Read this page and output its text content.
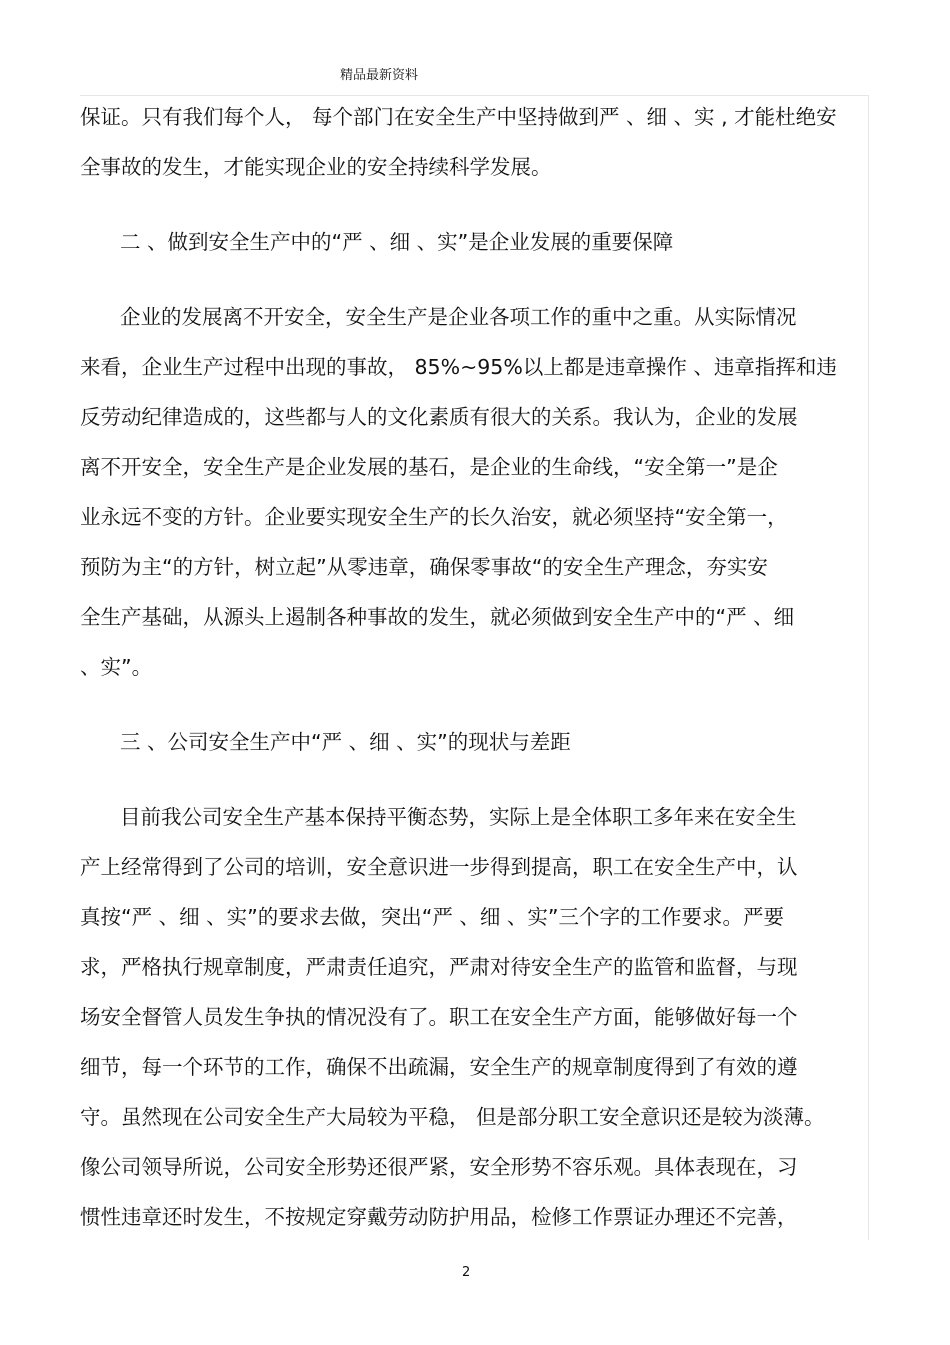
精品最新资料
保证。只有我们每个人， 每个部门在安全生产中坚持做到严 、细 、实 , 才能杜绝安
全事故的发生，才能实现企业的安全持续科学发展。
二 、做到安全生产中的“严 、细 、实”是企业发展的重要保障
企业的发展离不开安全，安全生产是企业各项工作的重中之重。从实际情况
来看，企业生产过程中出现的事故， 85%~95%以上都是违章操作 、违章指挥和违
反劳动纪律造成的，这些都与人的文化素质有很大的关系。我认为，企业的发展
离不开安全，安全生产是企业发展的基石，是企业的生命线，“安全第一”是企
业永远不变的方针。企业要实现安全生产的长久治安，就必须坚持“安全第一，
预防为主“的方针，树立起”从零违章，确保零事故“的安全生产理念，夯实安
全生产基础，从源头上遏制各种事故的发生，就必须做到安全生产中的“严 、细
、实”。
三 、公司安全生产中“严 、细 、实”的现状与差距
目前我公司安全生产基本保持平衡态势，实际上是全体职工多年来在安全生
产上经常得到了公司的培训，安全意识进一步得到提高，职工在安全生产中，认
真按“严 、细 、实”的要求去做，突出“严 、细 、实”三个字的工作要求。严要
求，严格执行规章制度，严肃责任追究，严肃对待安全生产的监管和监督，与现
场安全督管人员发生争执的情况没有了。职工在安全生产方面，能够做好每一个
细节，每一个环节的工作，确保不出疏漏，安全生产的规章制度得到了有效的遵
守。虽然现在公司安全生产大局较为平稳， 但是部分职工安全意识还是较为淡薄。
像公司领导所说，公司安全形势还很严紧，安全形势不容乐观。具体表现在，习
惯性违章还时发生，不按规定穿戴劳动防护用品，检修工作票证办理还不完善，
2
